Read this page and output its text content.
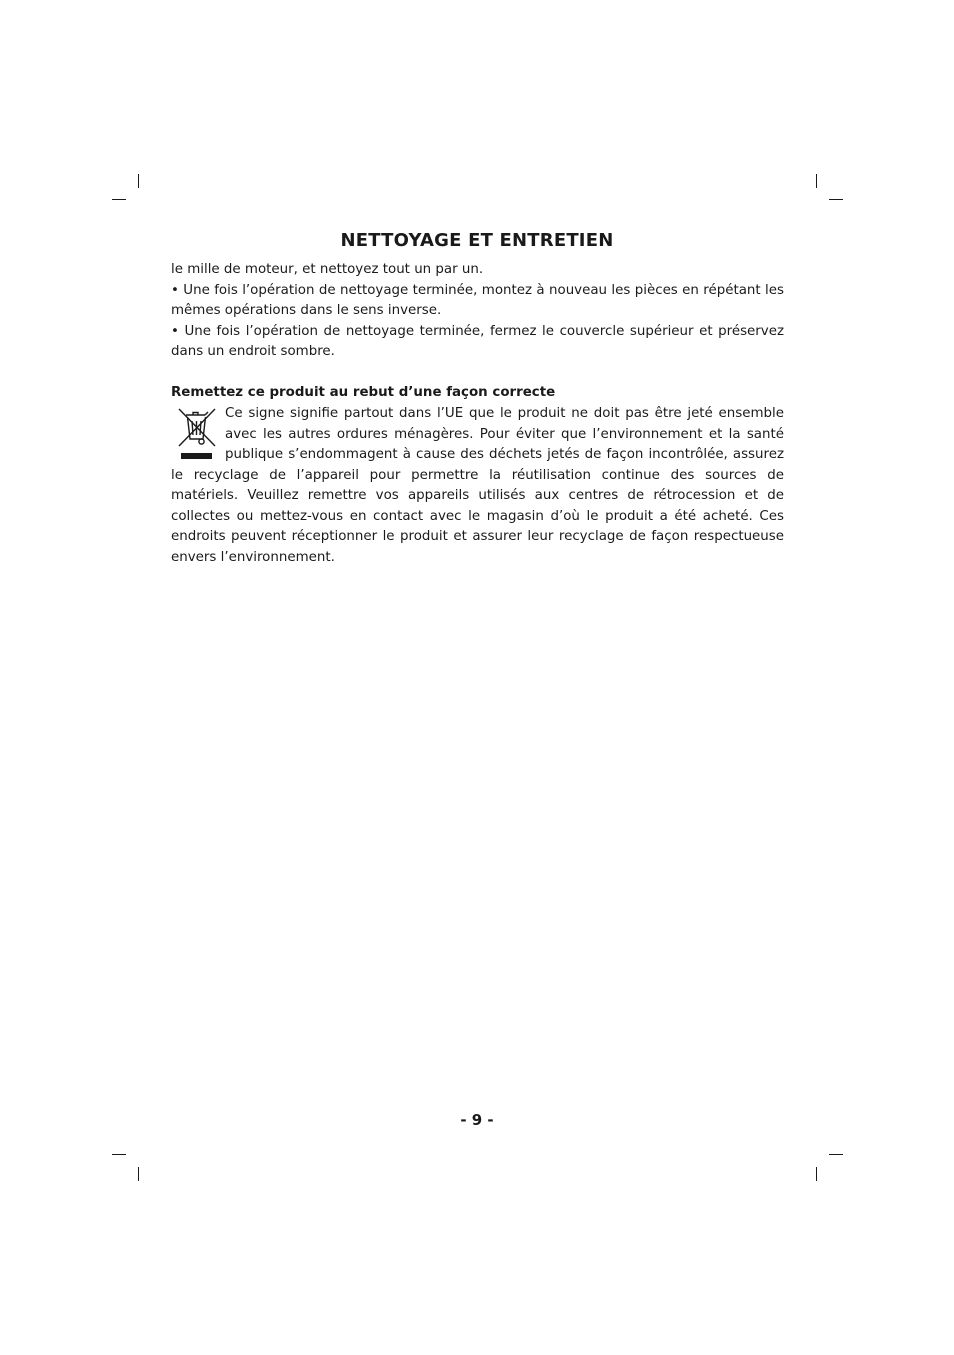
NETTOYAGE ET ENTRETIEN

le mille de moteur, et nettoyez tout un par un.

• Une fois l’opération de nettoyage terminée, montez à nouveau les pièces en répétant les mêmes opérations dans le sens inverse.

• Une fois l’opération de nettoyage terminée, fermez le couvercle supérieur et préservez dans un endroit sombre.

Remettez ce produit au rebut d’une façon correcte

Ce signe signifie partout dans l’UE que le produit ne doit pas être jeté ensemble avec les autres ordures ménagères. Pour éviter que l’environnement et la santé publique s’endommagent à cause des déchets jetés de façon incontrôlée, assurez le recyclage de l’appareil pour permettre la réutilisation continue des sources de matériels. Veuillez remettre vos appareils utilisés aux centres de rétrocession et de collectes ou mettez-vous en contact avec le magasin d’où le produit a été acheté. Ces endroits peuvent réceptionner le produit et assurer leur recyclage de façon respectueuse envers l’environnement.

- 9 -
